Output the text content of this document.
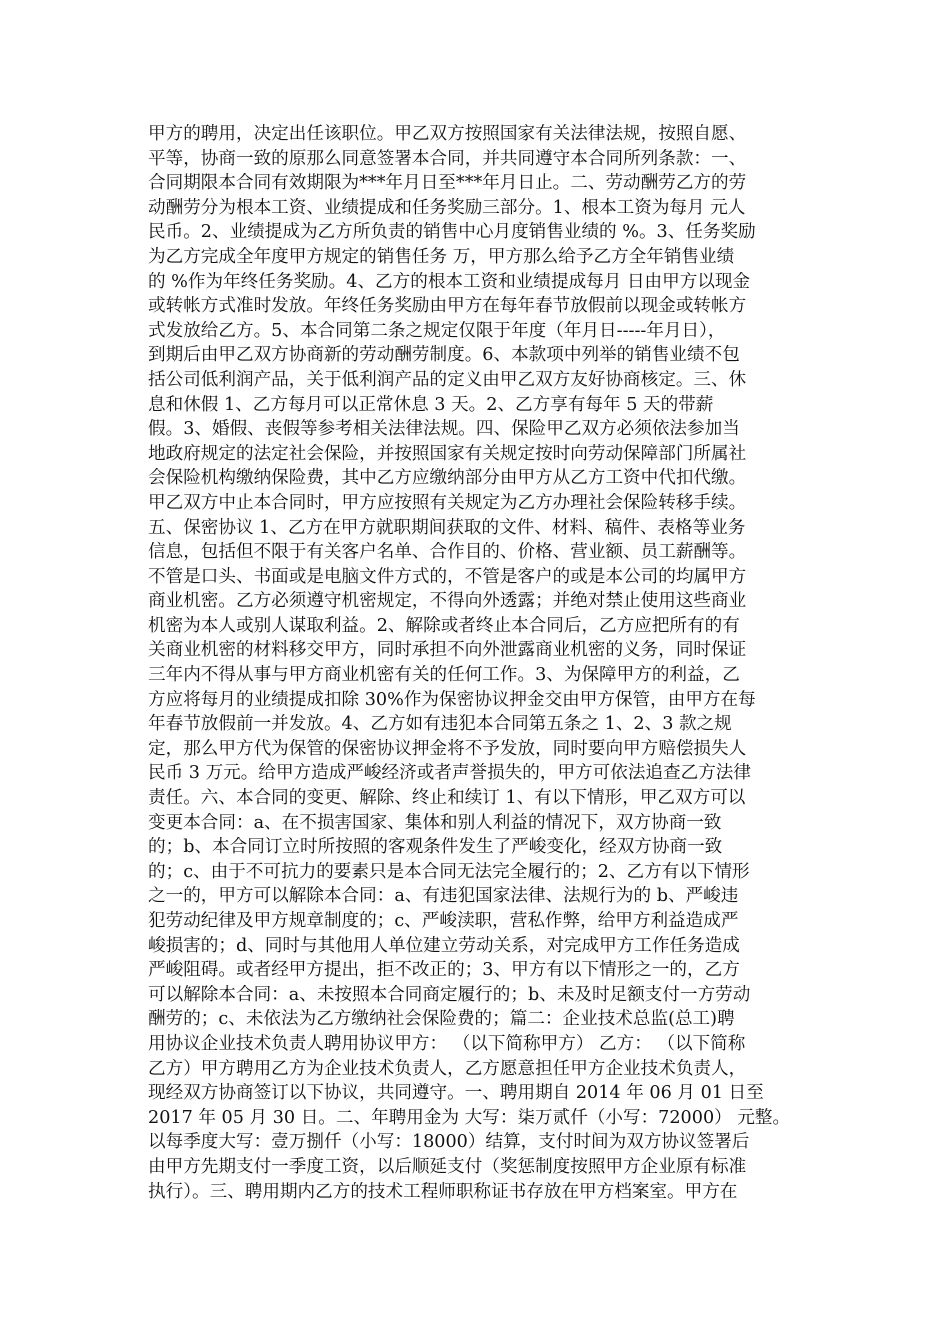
甲方的聘用，决定出任该职位。甲乙双方按照国家有关法律法规，按照自愿、
平等，协商一致的原那么同意签署本合同，并共同遵守本合同所列条款：一、
合同期限本合同有效期限为***年月日至***年月日止。二、劳动酬劳乙方的劳
动酬劳分为根本工资、业绩提成和任务奖励三部分。1、根本工资为每月 元人
民币。2、业绩提成为乙方所负责的销售中心月度销售业绩的 %。3、任务奖励
为乙方完成全年度甲方规定的销售任务 万，甲方那么给予乙方全年销售业绩
的 %作为年终任务奖励。4、乙方的根本工资和业绩提成每月 日由甲方以现金
或转帐方式准时发放。年终任务奖励由甲方在每年春节放假前以现金或转帐方
式发放给乙方。5、本合同第二条之规定仅限于年度（年月日-----年月日），
到期后由甲乙双方协商新的劳动酬劳制度。6、本款项中列举的销售业绩不包
括公司低利润产品，关于低利润产品的定义由甲乙双方友好协商核定。三、休
息和休假 1、乙方每月可以正常休息 3 天。2、乙方享有每年 5 天的带薪
假。3、婚假、丧假等参考相关法律法规。四、保险甲乙双方必须依法参加当
地政府规定的法定社会保险，并按照国家有关规定按时向劳动保障部门所属社
会保险机构缴纳保险费，其中乙方应缴纳部分由甲方从乙方工资中代扣代缴。
甲乙双方中止本合同时，甲方应按照有关规定为乙方办理社会保险转移手续。
五、保密协议 1、乙方在甲方就职期间获取的文件、材料、稿件、表格等业务
信息，包括但不限于有关客户名单、合作目的、价格、营业额、员工薪酬等。
不管是口头、书面或是电脑文件方式的，不管是客户的或是本公司的均属甲方
商业机密。乙方必须遵守机密规定，不得向外透露；并绝对禁止使用这些商业
机密为本人或别人谋取利益。2、解除或者终止本合同后，乙方应把所有的有
关商业机密的材料移交甲方，同时承担不向外泄露商业机密的义务，同时保证
三年内不得从事与甲方商业机密有关的任何工作。3、为保障甲方的利益，乙
方应将每月的业绩提成扣除 30%作为保密协议押金交由甲方保管，由甲方在每
年春节放假前一并发放。4、乙方如有违犯本合同第五条之 1、2、3 款之规
定，那么甲方代为保管的保密协议押金将不予发放，同时要向甲方赔偿损失人
民币 3 万元。给甲方造成严峻经济或者声誉损失的，甲方可依法追查乙方法律
责任。六、本合同的变更、解除、终止和续订 1、有以下情形，甲乙双方可以
变更本合同：a、在不损害国家、集体和别人利益的情况下，双方协商一致
的；b、本合同订立时所按照的客观条件发生了严峻变化，经双方协商一致
的；c、由于不可抗力的要素只是本合同无法完全履行的；2、乙方有以下情形
之一的，甲方可以解除本合同：a、有违犯国家法律、法规行为的 b、严峻违
犯劳动纪律及甲方规章制度的；c、严峻渎职，营私作弊，给甲方利益造成严
峻损害的；d、同时与其他用人单位建立劳动关系，对完成甲方工作任务造成
严峻阻碍。或者经甲方提出，拒不改正的；3、甲方有以下情形之一的，乙方
可以解除本合同：a、未按照本合同商定履行的；b、未及时足额支付一方劳动
酬劳的；c、未依法为乙方缴纳社会保险费的；篇二：企业技术总监(总工)聘
用协议企业技术负责人聘用协议甲方： （以下简称甲方） 乙方： （以下简称
乙方）甲方聘用乙方为企业技术负责人，乙方愿意担任甲方企业技术负责人，
现经双方协商签订以下协议，共同遵守。一、聘用期自 2014 年 06 月 01 日至
2017 年 05 月 30 日。二、年聘用金为 大写：柒万贰仟（小写：72000） 元整。
以每季度大写：壹万捌仟（小写：18000）结算，支付时间为双方协议签署后
由甲方先期支付一季度工资，以后顺延支付（奖惩制度按照甲方企业原有标准
执行）。三、聘用期内乙方的技术工程师职称证书存放在甲方档案室。甲方在
